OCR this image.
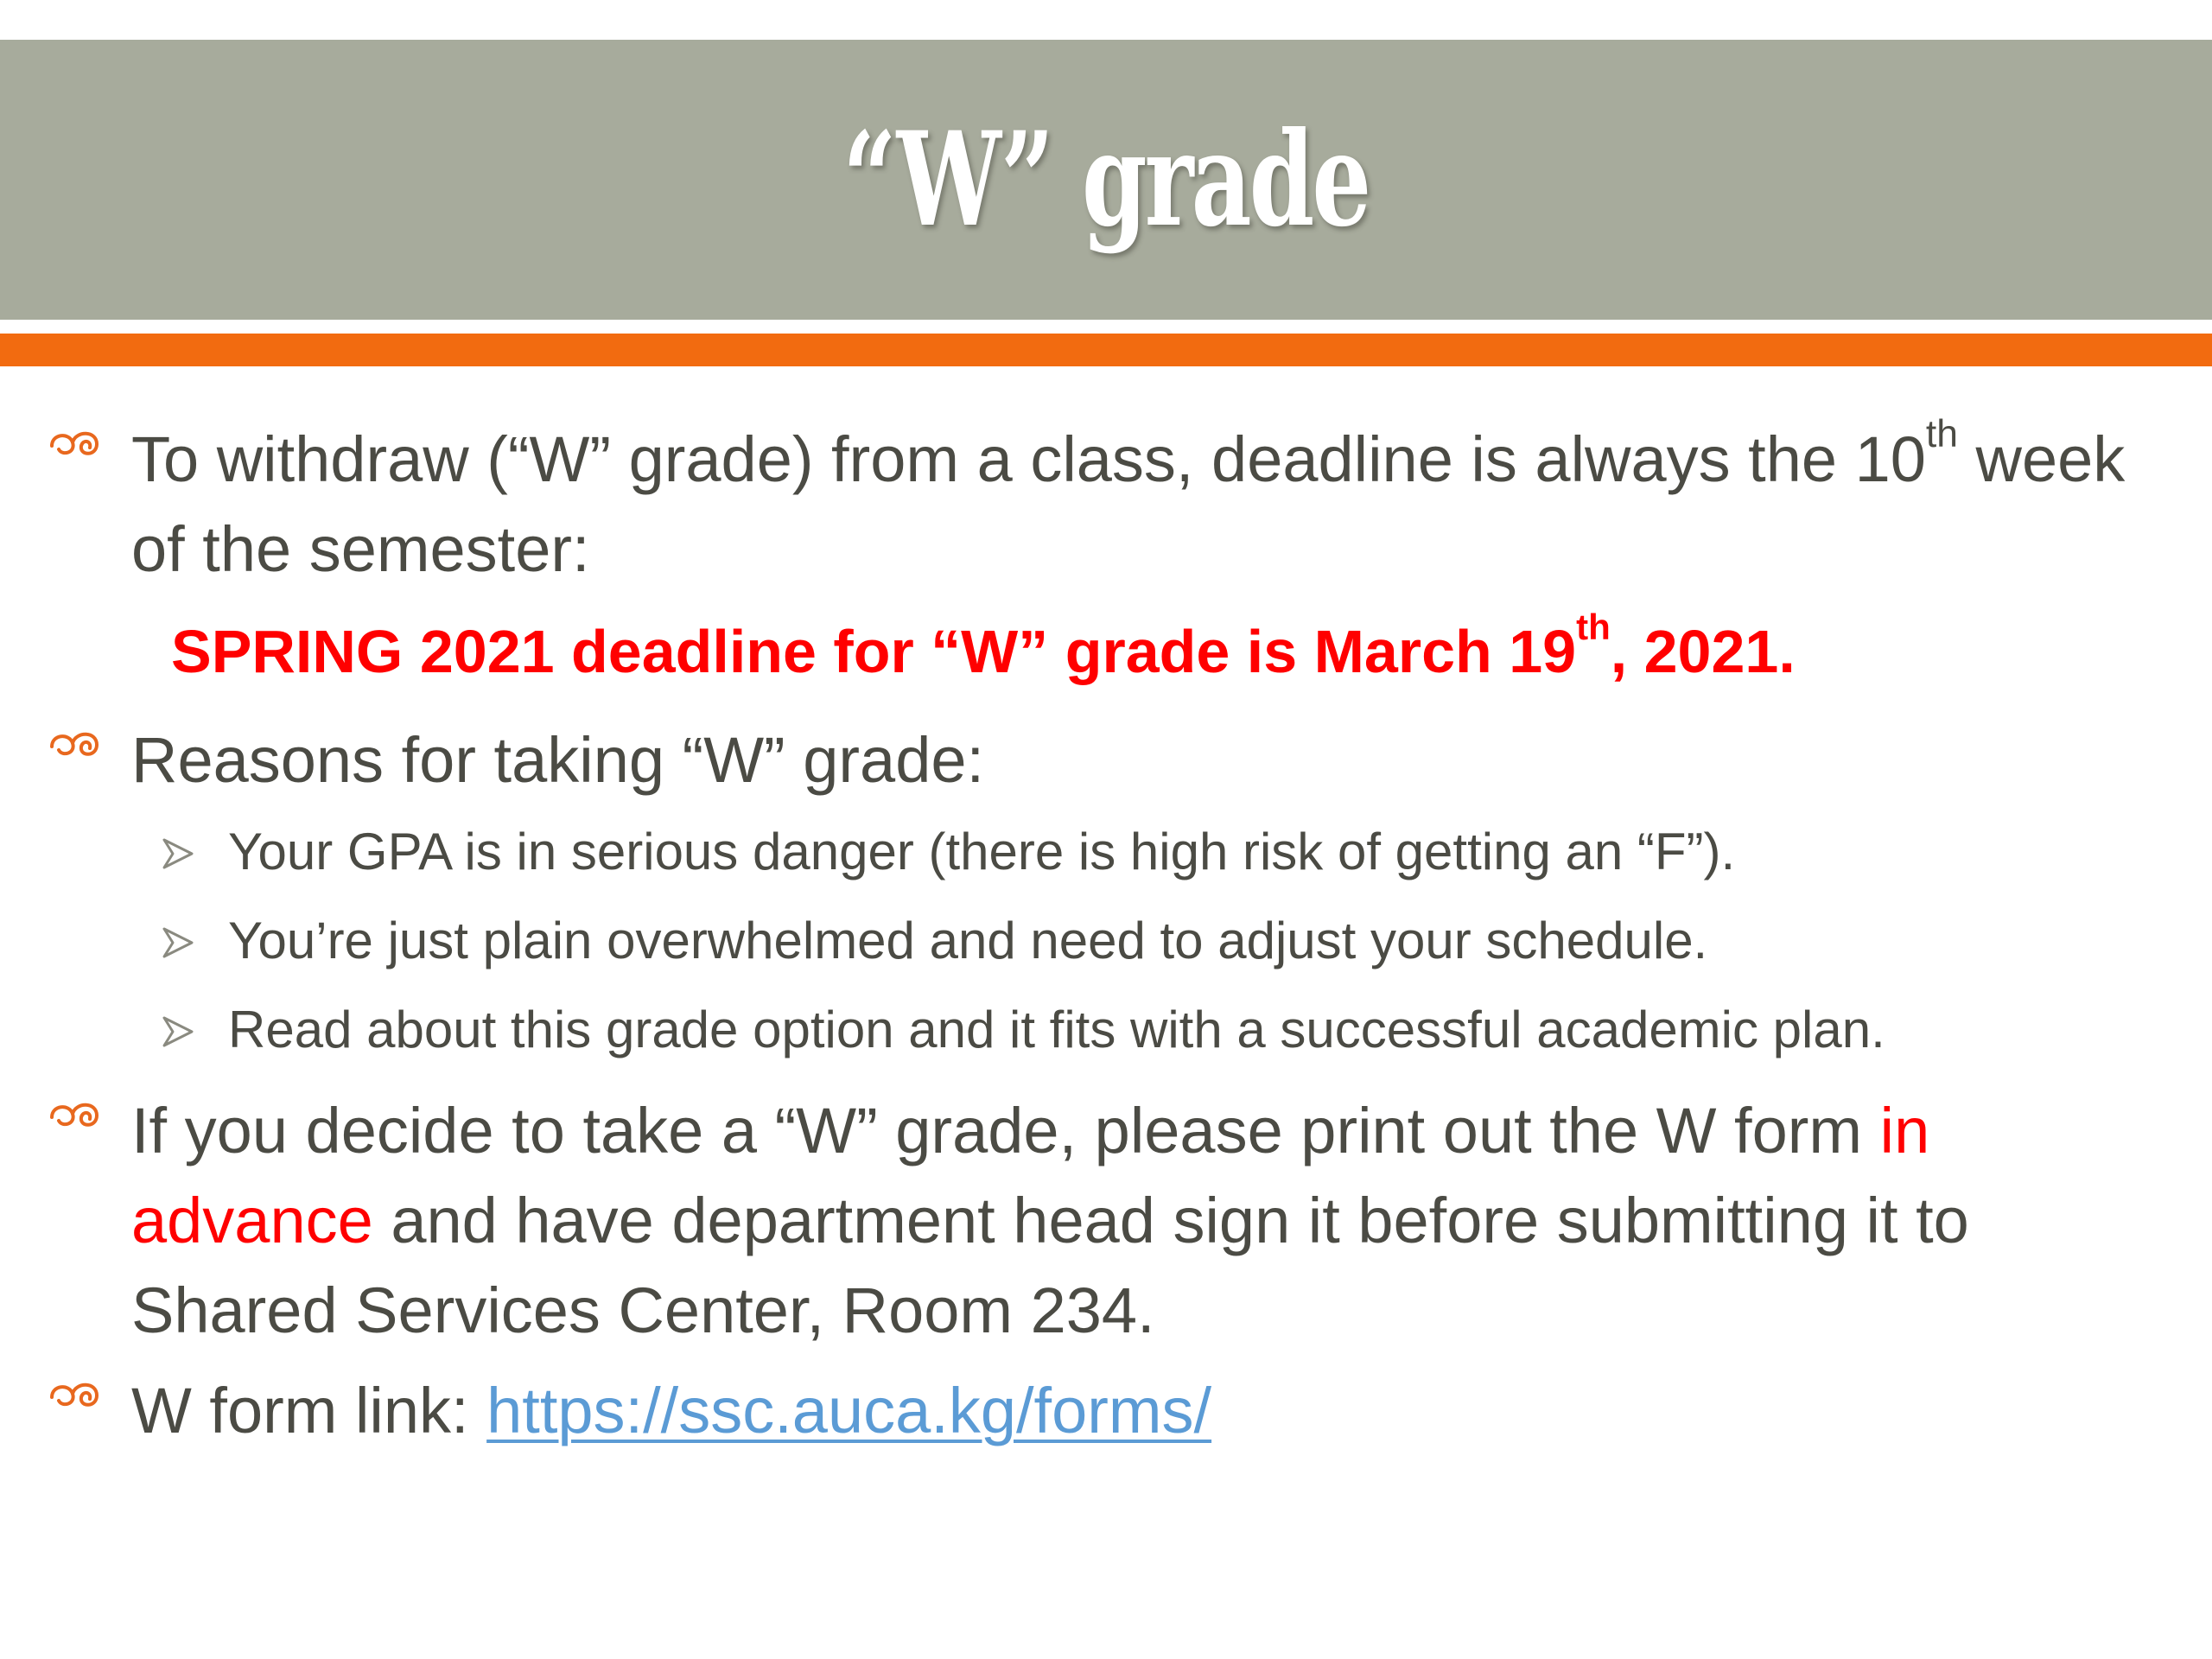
“W” grade
To withdraw (“W” grade) from a class, deadline is always the 10th week of the semester:
SPRING 2021 deadline for “W” grade is March 19th, 2021.
Reasons for taking “W” grade:
Your GPA is in serious danger (there is high risk of getting an “F”).
You’re just plain overwhelmed and need to adjust your schedule.
Read about this grade option and it fits with a successful academic plan.
If you decide to take a “W” grade, please print out the W form in advance and have department head sign it before submitting it to Shared Services Center, Room 234.
W form link: https://ssc.auca.kg/forms/
